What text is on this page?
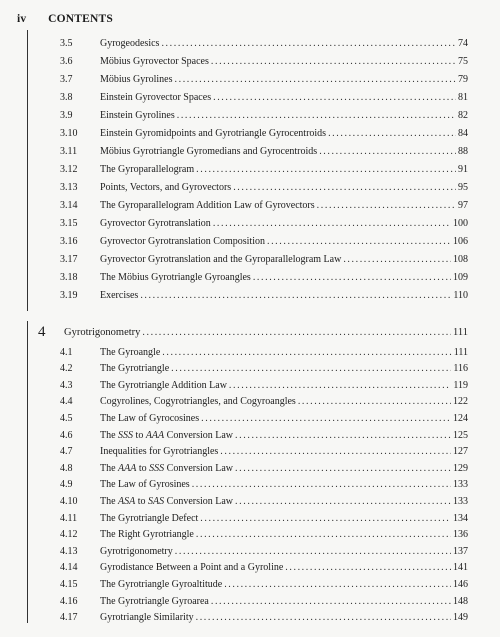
iv CONTENTS
3.5	Gyrogeodesics .....	74
3.6	Möbius Gyrovector Spaces .....	75
3.7	Möbius Gyrolines .....	79
3.8	Einstein Gyrovector Spaces .....	81
3.9	Einstein Gyrolines .....	82
3.10	Einstein Gyromidpoints and Gyrotriangle Gyrocentroids .....	84
3.11	Möbius Gyrotriangle Gyromedians and Gyrocentroids .....	88
3.12	The Gyroparallelogram .....	91
3.13	Points, Vectors, and Gyrovectors .....	95
3.14	The Gyroparallelogram Addition Law of Gyrovectors .....	97
3.15	Gyrovector Gyrotranslation .....	100
3.16	Gyrovector Gyrotranslation Composition .....	106
3.17	Gyrovector Gyrotranslation and the Gyroparallelogram Law .....	108
3.18	The Möbius Gyrotriangle Gyroangles .....	109
3.19	Exercises .....	110
4	Gyrotrigonometry .....	111
4.1	The Gyroangle .....	111
4.2	The Gyrotriangle .....	116
4.3	The Gyrotriangle Addition Law .....	119
4.4	Cogyrolines, Cogyrotriangles, and Cogyroangles .....	122
4.5	The Law of Gyrocosines .....	124
4.6	The SSS to AAA Conversion Law .....	125
4.7	Inequalities for Gyrotriangles .....	127
4.8	The AAA to SSS Conversion Law .....	129
4.9	The Law of Gyrosines .....	133
4.10	The ASA to SAS Conversion Law .....	133
4.11	The Gyrotriangle Defect .....	134
4.12	The Right Gyrotriangle .....	136
4.13	Gyrotrigonometry .....	137
4.14	Gyrodistance Between a Point and a Gyroline .....	141
4.15	The Gyrotriangle Gyroaltitude .....	146
4.16	The Gyrotriangle Gyroarea .....	148
4.17	Gyrotriangle Similarity .....	149
